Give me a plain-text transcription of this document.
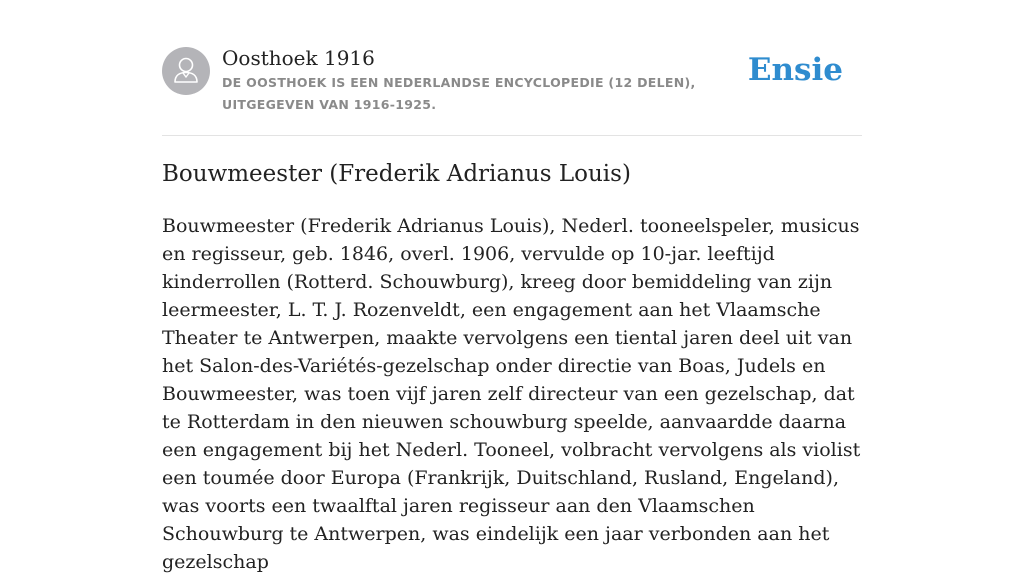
Oosthoek 1916
DE OOSTHOEK IS EEN NEDERLANDSE ENCYCLOPEDIE (12 DELEN), UITGEGEVEN VAN 1916-1925.
Ensie
Bouwmeester (Frederik Adrianus Louis)

Bouwmeester (Frederik Adrianus Louis), Nederl. tooneelspeler, musicus en regisseur, geb. 1846, overl. 1906, vervulde op 10-jar. leeftijd kinderrollen (Rotterd. Schouwburg), kreeg door bemiddeling van zijn leermeester, L. T. J. Rozenveldt, een engagement aan het Vlaamsche Theater te Antwerpen, maakte vervolgens een tiental jaren deel uit van het Salon-des-Variétés-gezelschap onder directie van Boas, Judels en Bouwmeester, was toen vijf jaren zelf directeur van een gezelschap, dat te Rotterdam in den nieuwen schouwburg speelde, aanvaardde daarna een engagement bij het Nederl. Tooneel, volbracht vervolgens als violist een toumée door Europa (Frankrijk, Duitschland, Rusland, Engeland), was voorts een twaalftal jaren regisseur aan den Vlaamschen Schouwburg te Antwerpen, was eindelijk een jaar verbonden aan het gezelschap
